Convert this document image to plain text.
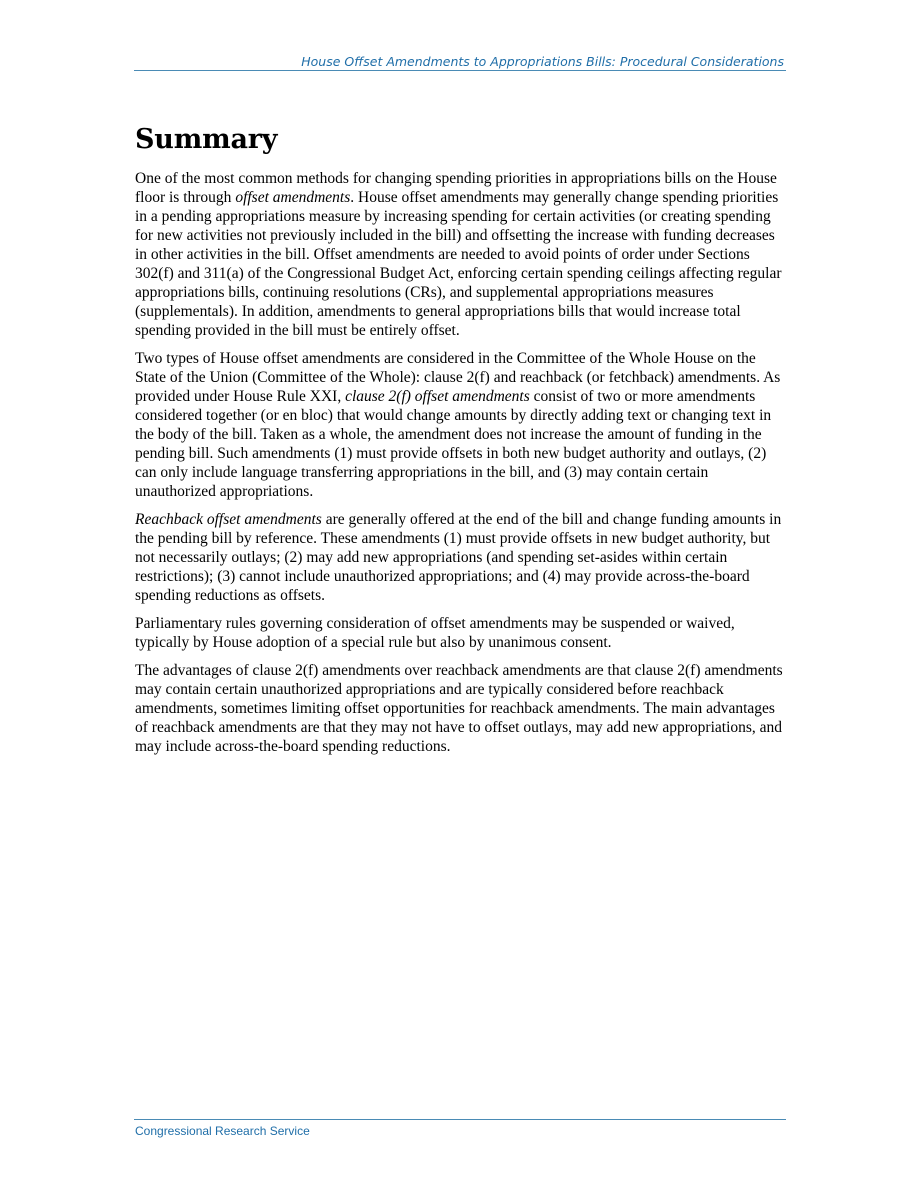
House Offset Amendments to Appropriations Bills: Procedural Considerations
Summary

One of the most common methods for changing spending priorities in appropriations bills on the House floor is through offset amendments. House offset amendments may generally change spending priorities in a pending appropriations measure by increasing spending for certain activities (or creating spending for new activities not previously included in the bill) and offsetting the increase with funding decreases in other activities in the bill. Offset amendments are needed to avoid points of order under Sections 302(f) and 311(a) of the Congressional Budget Act, enforcing certain spending ceilings affecting regular appropriations bills, continuing resolutions (CRs), and supplemental appropriations measures (supplementals). In addition, amendments to general appropriations bills that would increase total spending provided in the bill must be entirely offset.

Two types of House offset amendments are considered in the Committee of the Whole House on the State of the Union (Committee of the Whole): clause 2(f) and reachback (or fetchback) amendments. As provided under House Rule XXI, clause 2(f) offset amendments consist of two or more amendments considered together (or en bloc) that would change amounts by directly adding text or changing text in the body of the bill. Taken as a whole, the amendment does not increase the amount of funding in the pending bill. Such amendments (1) must provide offsets in both new budget authority and outlays, (2) can only include language transferring appropriations in the bill, and (3) may contain certain unauthorized appropriations.

Reachback offset amendments are generally offered at the end of the bill and change funding amounts in the pending bill by reference. These amendments (1) must provide offsets in new budget authority, but not necessarily outlays; (2) may add new appropriations (and spending set-asides within certain restrictions); (3) cannot include unauthorized appropriations; and (4) may provide across-the-board spending reductions as offsets.

Parliamentary rules governing consideration of offset amendments may be suspended or waived, typically by House adoption of a special rule but also by unanimous consent.

The advantages of clause 2(f) amendments over reachback amendments are that clause 2(f) amendments may contain certain unauthorized appropriations and are typically considered before reachback amendments, sometimes limiting offset opportunities for reachback amendments. The main advantages of reachback amendments are that they may not have to offset outlays, may add new appropriations, and may include across-the-board spending reductions.

Congressional Research Service
